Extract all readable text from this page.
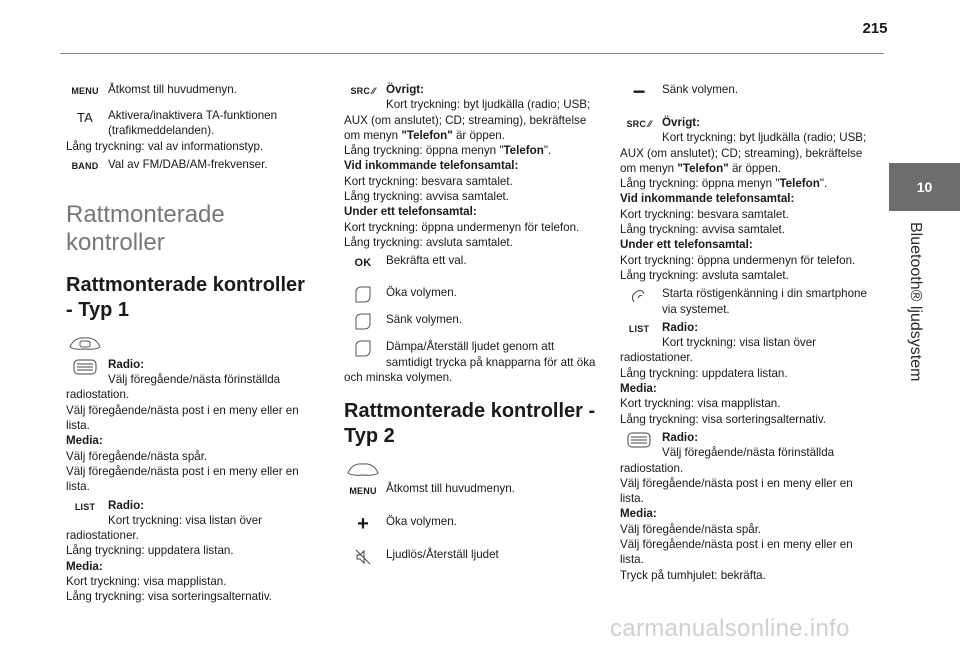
215
10
Bluetooth® ljudsystem
MENU Åtkomst till huvudmenyn.
TA	Aktivera/inaktivera TA-funktionen
(trafikmeddelanden).
Lång tryckning: val av informationstyp.
BAND Val av FM/DAB/AM-frekvenser.
Rattmonterade kontroller
Rattmonterade kontroller - Typ 1
Radio:
Välj föregående/nästa förinställda
radiostation.
Välj föregående/nästa post i en meny eller en
lista.
Media:
Välj föregående/nästa spår.
Välj föregående/nästa post i en meny eller en
lista.
LIST	Radio:
Kort tryckning: visa listan över
radiostationer.
Lång tryckning: uppdatera listan.
Media:
Kort tryckning: visa mapplistan.
Lång tryckning: visa sorteringsalternativ.
SRC ⁄⁄ Övrigt:
Kort tryckning: byt ljudkälla (radio; USB;
AUX (om anslutet); CD; streaming), bekräftelse
om menyn "Telefon" är öppen.
Lång tryckning: öppna menyn "Telefon".
Vid inkommande telefonsamtal:
Kort tryckning: besvara samtalet.
Lång tryckning: avvisa samtalet.
Under ett telefonsamtal:
Kort tryckning: öppna undermenyn för telefon.
Lång tryckning: avsluta samtalet.
OK	Bekräfta ett val.
Öka volymen.
Sänk volymen.
Dämpa/Återställ ljudet genom att
samtidigt trycka på knapparna för att öka
och minska volymen.
Rattmonterade kontroller - Typ 2
MENU Åtkomst till huvudmenyn.
+	Öka volymen.
Ljudlös/Återställ ljudet
−	Sänk volymen.
SRC ⁄⁄ Övrigt:
Kort tryckning: byt ljudkälla (radio; USB;
AUX (om anslutet); CD; streaming), bekräftelse
om menyn "Telefon" är öppen.
Lång tryckning: öppna menyn "Telefon".
Vid inkommande telefonsamtal:
Kort tryckning: besvara samtalet.
Lång tryckning: avvisa samtalet.
Under ett telefonsamtal:
Kort tryckning: öppna undermenyn för telefon.
Lång tryckning: avsluta samtalet.
Starta röstigenkänning i din smartphone
via systemet.
LIST	Radio:
Kort tryckning: visa listan över
radiostationer.
Lång tryckning: uppdatera listan.
Media:
Kort tryckning: visa mapplistan.
Lång tryckning: visa sorteringsalternativ.
Radio:
Välj föregående/nästa förinställda
radiostation.
Välj föregående/nästa post i en meny eller en
lista.
Media:
Välj föregående/nästa spår.
Välj föregående/nästa post i en meny eller en
lista.
Tryck på tumhjulet: bekräfta.
carmanualsonline.info
